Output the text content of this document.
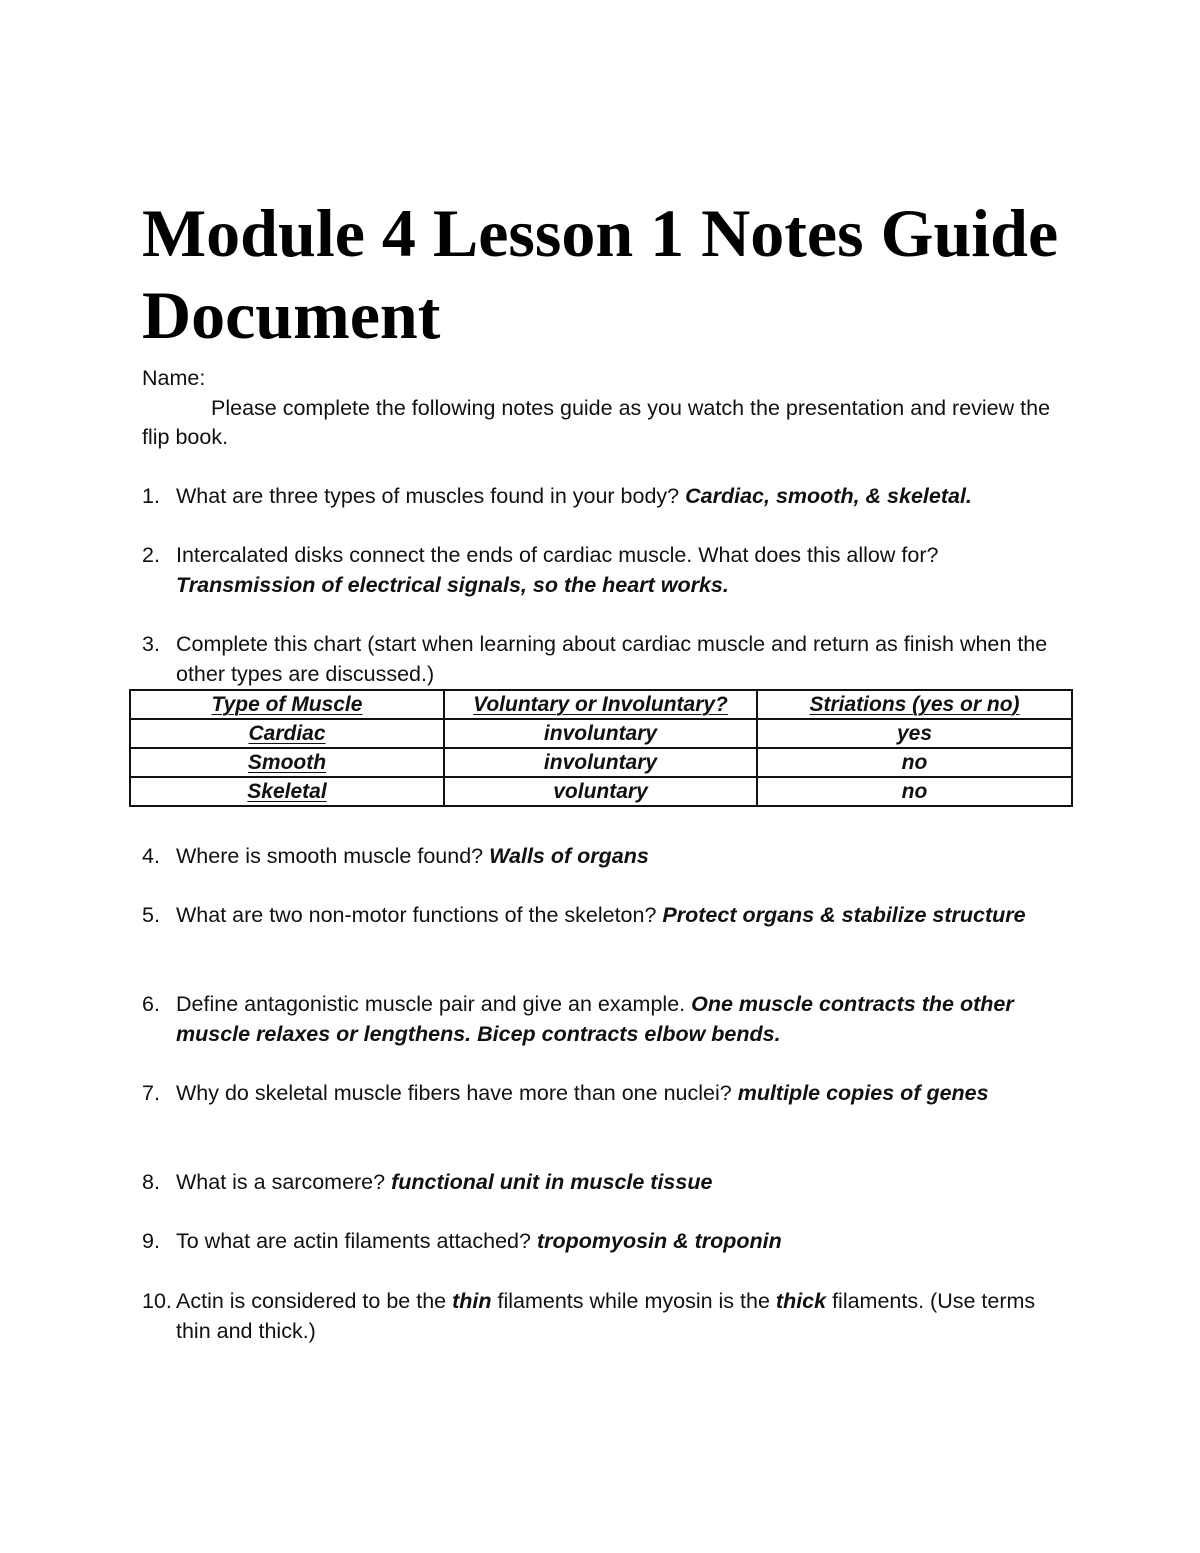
Module 4 Lesson 1 Notes Guide Document
Name:
Please complete the following notes guide as you watch the presentation and review the flip book.
1. What are three types of muscles found in your body? Cardiac, smooth, & skeletal.
2. Intercalated disks connect the ends of cardiac muscle. What does this allow for?
Transmission of electrical signals, so the heart works.
3. Complete this chart (start when learning about cardiac muscle and return as finish when the other types are discussed.)
Type of Muscle	Voluntary or Involuntary?	Striations (yes or no)
Cardiac	involuntary	yes
Smooth	involuntary	no
Skeletal	voluntary	no
4. Where is smooth muscle found? Walls of organs
5. What are two non-motor functions of the skeleton? Protect organs & stabilize structure
6. Define antagonistic muscle pair and give an example. One muscle contracts the other muscle relaxes or lengthens. Bicep contracts elbow bends.
7. Why do skeletal muscle fibers have more than one nuclei? multiple copies of genes
8. What is a sarcomere? functional unit in muscle tissue
9. To what are actin filaments attached? tropomyosin & troponin
10. Actin is considered to be the thin filaments while myosin is the thick filaments. (Use terms thin and thick.)
